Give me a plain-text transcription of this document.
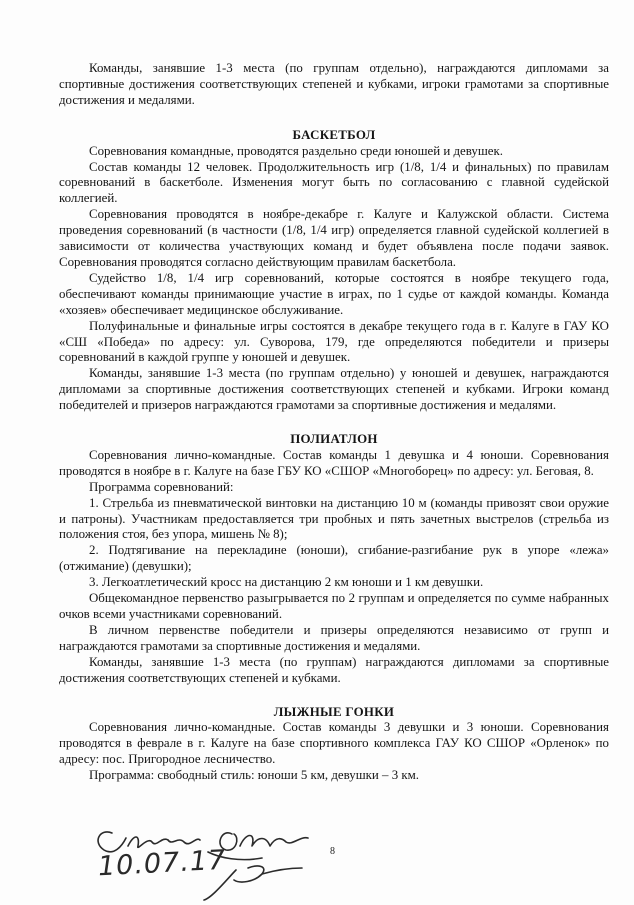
Команды, занявшие 1-3 места (по группам отдельно), награждаются дипломами за спортивные достижения соответствующих степеней и кубками, игроки грамотами за спортивные достижения и медалями.

БАСКЕТБОЛ

Соревнования командные, проводятся раздельно среди юношей и девушек.

Состав команды 12 человек. Продолжительность игр (1/8, 1/4 и финальных) по правилам соревнований в баскетболе. Изменения могут быть по согласованию с главной судейской коллегией.

Соревнования проводятся в ноябре-декабре г. Калуге и Калужской области. Система проведения соревнований (в частности (1/8, 1/4 игр) определяется главной судейской коллегией в зависимости от количества участвующих команд и будет объявлена после подачи заявок. Соревнования проводятся согласно действующим правилам баскетбола.

Судейство 1/8, 1/4 игр соревнований, которые состоятся в ноябре текущего года, обеспечивают команды принимающие участие в играх, по 1 судье от каждой команды. Команда «хозяев» обеспечивает медицинское обслуживание.

Полуфинальные и финальные игры состоятся в декабре текущего года в г. Калуге в ГАУ КО «СШ «Победа» по адресу: ул. Суворова, 179, где определяются победители и призеры соревнований в каждой группе у юношей и девушек.

Команды, занявшие 1-3 места (по группам отдельно) у юношей и девушек, награждаются дипломами за спортивные достижения соответствующих степеней и кубками. Игроки команд победителей и призеров награждаются грамотами за спортивные достижения и медалями.

ПОЛИАТЛОН

Соревнования лично-командные. Состав команды 1 девушка и 4 юноши. Соревнования проводятся в ноябре в г. Калуге на базе ГБУ КО «СШОР «Многоборец» по адресу: ул. Беговая, 8.

Программа соревнований:

1. Стрельба из пневматической винтовки на дистанцию 10 м (команды привозят свои оружие и патроны). Участникам предоставляется три пробных и пять зачетных выстрелов (стрельба из положения стоя, без упора, мишень № 8);

2. Подтягивание на перекладине (юноши), сгибание-разгибание рук в упоре «лежа» (отжимание) (девушки);

3. Легкоатлетический кросс на дистанцию 2 км юноши и 1 км девушки.

Общекомандное первенство разыгрывается по 2 группам и определяется по сумме набранных очков всеми участниками соревнований.

В личном первенстве победители и призеры определяются независимо от групп и награждаются грамотами за спортивные достижения и медалями.

Команды, занявшие 1-3 места (по группам) награждаются дипломами за спортивные достижения соответствующих степеней и кубками.

ЛЫЖНЫЕ ГОНКИ

Соревнования лично-командные. Состав команды 3 девушки и 3 юноши. Соревнования проводятся в феврале в г. Калуге на базе спортивного комплекса ГАУ КО СШОР «Орленок» по адресу: пос. Пригородное лесничество.

Программа: свободный стиль: юноши 5 км, девушки – 3 км.

10.07.17	8
